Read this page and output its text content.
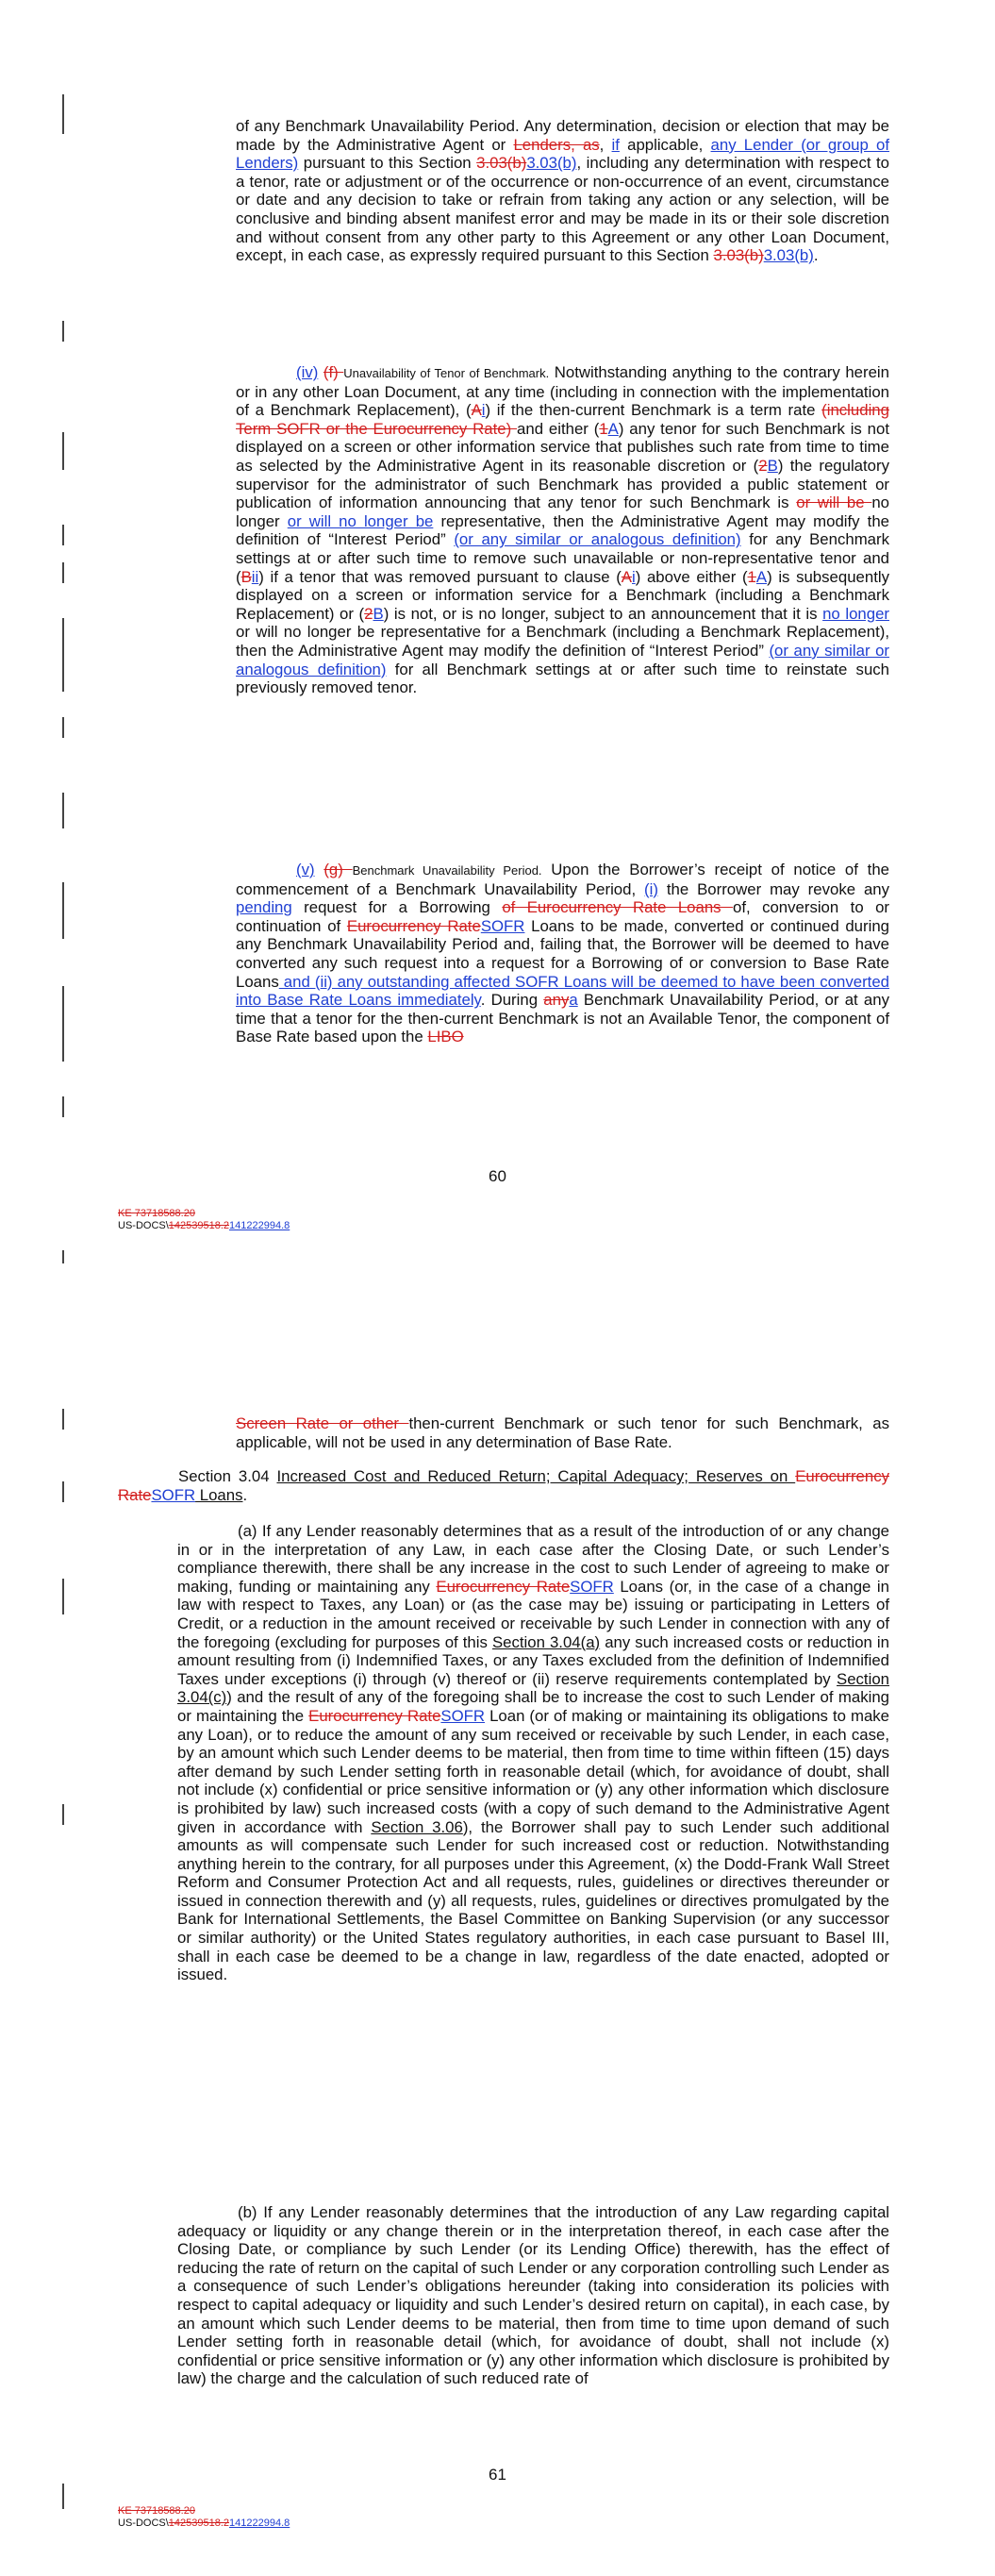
of any Benchmark Unavailability Period. Any determination, decision or election that may be made by the Administrative Agent or Lenders, as, if applicable, any Lender (or group of Lenders) pursuant to this Section 3.03(b)3.03(b), including any determination with respect to a tenor, rate or adjustment or of the occurrence or non-occurrence of an event, circumstance or date and any decision to take or refrain from taking any action or any selection, will be conclusive and binding absent manifest error and may be made in its or their sole discretion and without consent from any other party to this Agreement or any other Loan Document, except, in each case, as expressly required pursuant to this Section 3.03(b)3.03(b).

(iv) (f) Unavailability of Tenor of Benchmark. Notwithstanding anything to the contrary herein or in any other Loan Document, at any time (including in connection with the implementation of a Benchmark Replacement), (Ai) if the then-current Benchmark is a term rate (including Term SOFR or the Eurocurrency Rate) and either (1A) any tenor for such Benchmark is not displayed on a screen or other information service that publishes such rate from time to time as selected by the Administrative Agent in its reasonable discretion or (2B) the regulatory supervisor for the administrator of such Benchmark has provided a public statement or publication of information announcing that any tenor for such Benchmark is or will be no longer or will no longer be representative, then the Administrative Agent may modify the definition of “Interest Period” (or any similar or analogous definition) for any Benchmark settings at or after such time to remove such unavailable or non-representative tenor and (Bii) if a tenor that was removed pursuant to clause (Ai) above either (1A) is subsequently displayed on a screen or information service for a Benchmark (including a Benchmark Replacement) or (2B) is not, or is no longer, subject to an announcement that it is no longer or will no longer be representative for a Benchmark (including a Benchmark Replacement), then the Administrative Agent may modify the definition of “Interest Period” (or any similar or analogous definition) for all Benchmark settings at or after such time to reinstate such previously removed tenor.

(v) (g) Benchmark Unavailability Period. Upon the Borrower’s receipt of notice of the commencement of a Benchmark Unavailability Period, (i) the Borrower may revoke any pending request for a Borrowing of Eurocurrency Rate Loans of, conversion to or continuation of Eurocurrency RateSOFR Loans to be made, converted or continued during any Benchmark Unavailability Period and, failing that, the Borrower will be deemed to have converted any such request into a request for a Borrowing of or conversion to Base Rate Loans and (ii) any outstanding affected SOFR Loans will be deemed to have been converted into Base Rate Loans immediately. During anya Benchmark Unavailability Period, or at any time that a tenor for the then-current Benchmark is not an Available Tenor, the component of Base Rate based upon the LIBO

60
KE 73718588.20
US-DOCS\142539518.2141222994.8

Screen Rate or other then-current Benchmark or such tenor for such Benchmark, as applicable, will not be used in any determination of Base Rate.

Section 3.04 Increased Cost and Reduced Return; Capital Adequacy; Reserves on Eurocurrency RateSOFR Loans.

(a) If any Lender reasonably determines that as a result of the introduction of or any change in or in the interpretation of any Law, in each case after the Closing Date, or such Lender’s compliance therewith, there shall be any increase in the cost to such Lender of agreeing to make or making, funding or maintaining any Eurocurrency RateSOFR Loans (or, in the case of a change in law with respect to Taxes, any Loan) or (as the case may be) issuing or participating in Letters of Credit, or a reduction in the amount received or receivable by such Lender in connection with any of the foregoing (excluding for purposes of this Section 3.04(a) any such increased costs or reduction in amount resulting from (i) Indemnified Taxes, or any Taxes excluded from the definition of Indemnified Taxes under exceptions (i) through (v) thereof or (ii) reserve requirements contemplated by Section 3.04(c)) and the result of any of the foregoing shall be to increase the cost to such Lender of making or maintaining the Eurocurrency RateSOFR Loan (or of making or maintaining its obligations to make any Loan), or to reduce the amount of any sum received or receivable by such Lender, in each case, by an amount which such Lender deems to be material, then from time to time within fifteen (15) days after demand by such Lender setting forth in reasonable detail (which, for avoidance of doubt, shall not include (x) confidential or price sensitive information or (y) any other information which disclosure is prohibited by law) such increased costs (with a copy of such demand to the Administrative Agent given in accordance with Section 3.06), the Borrower shall pay to such Lender such additional amounts as will compensate such Lender for such increased cost or reduction. Notwithstanding anything herein to the contrary, for all purposes under this Agreement, (x) the Dodd-Frank Wall Street Reform and Consumer Protection Act and all requests, rules, guidelines or directives thereunder or issued in connection therewith and (y) all requests, rules, guidelines or directives promulgated by the Bank for International Settlements, the Basel Committee on Banking Supervision (or any successor or similar authority) or the United States regulatory authorities, in each case pursuant to Basel III, shall in each case be deemed to be a change in law, regardless of the date enacted, adopted or issued.

(b) If any Lender reasonably determines that the introduction of any Law regarding capital adequacy or liquidity or any change therein or in the interpretation thereof, in each case after the Closing Date, or compliance by such Lender (or its Lending Office) therewith, has the effect of reducing the rate of return on the capital of such Lender or any corporation controlling such Lender as a consequence of such Lender’s obligations hereunder (taking into consideration its policies with respect to capital adequacy or liquidity and such Lender’s desired return on capital), in each case, by an amount which such Lender deems to be material, then from time to time upon demand of such Lender setting forth in reasonable detail (which, for avoidance of doubt, shall not include (x) confidential or price sensitive information or (y) any other information which disclosure is prohibited by law) the charge and the calculation of such reduced rate of

61
KE 73718588.20
US-DOCS\142539518.2141222994.8
